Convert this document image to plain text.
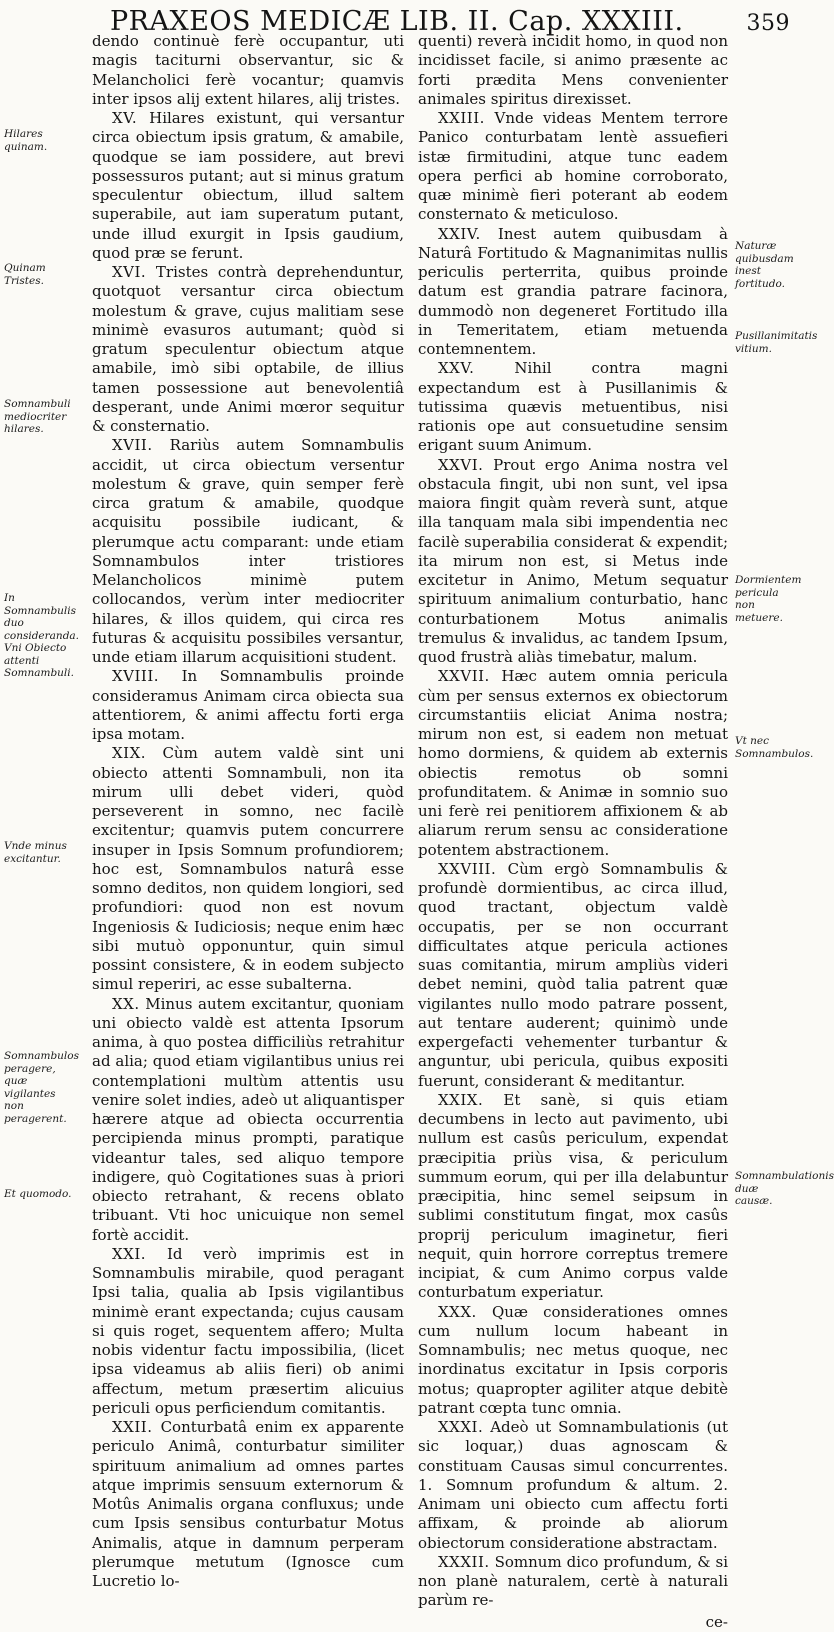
PRAXEOS MEDICÆ LIB. II. Cap. XXXIII.	359

dendo continuè ferè occupantur, uti magis taciturni observantur, sic & Melancholici ferè vocantur; quamvis inter ipsos alij extent hilares, alij tristes.

XV. Hilares existunt, qui versantur circa obiectum ipsis gratum, & amabile, quodque se iam possidere, aut brevi possessuros putant; aut si minus gratum speculentur obiectum, illud saltem superabile, aut iam superatum putant, unde illud exurgit in Ipsis gaudium, quod præ se ferunt.

XVI. Tristes contrà deprehenduntur, quotquot versantur circa obiectum molestum & grave, cujus malitiam sese minimè evasuros autumant; quòd si gratum speculentur obiectum atque amabile, imò sibi optabile, de illius tamen possessione aut benevolentiâ desperant, unde Animi mœror sequitur & consternatio.

XVII. Rariùs autem Somnambulis accidit, ut circa obiectum versentur molestum & grave, quin semper ferè circa gratum & amabile, quodque acquisitu possibile iudicant, & plerumque actu comparant: unde etiam Somnambulos inter tristiores Melancholicos minimè putem collocandos, verùm inter mediocriter hilares, & illos quidem, qui circa res futuras & acquisitu possibiles versantur, unde etiam illarum acquisitioni student.

XVIII. In Somnambulis proinde consideramus Animam circa obiecta sua attentiorem, & animi affectu forti erga ipsa motam.

XIX. Cùm autem valdè sint uni obiecto attenti Somnambuli, non ita mirum ulli debet videri, quòd perseverent in somno, nec facilè excitentur; quamvis putem concurrere insuper in Ipsis Somnum profundiorem; hoc est, Somnambulos naturâ esse somno deditos, non quidem longiori, sed profundiori: quod non est novum Ingeniosis & Iudiciosis; neque enim hæc sibi mutuò opponuntur, quin simul possint consistere, & in eodem subjecto simul reperiri, ac esse subalterna.

XX. Minus autem excitantur, quoniam uni obiecto valdè est attenta Ipsorum anima, à quo postea difficiliùs retrahitur ad alia; quod etiam vigilantibus unius rei contemplationi multùm attentis usu venire solet indies, adeò ut aliquantisper hærere atque ad obiecta occurrentia percipienda minus prompti, paratique videantur tales, sed aliquo tempore indigere, quò Cogitationes suas à priori obiecto retrahant, & recens oblato tribuant. Vti hoc unicuique non semel fortè accidit.

XXI. Id verò imprimis est in Somnambulis mirabile, quod peragant Ipsi talia, qualia ab Ipsis vigilantibus minimè erant expectanda; cujus causam si quis roget, sequentem affero; Multa nobis videntur factu impossibilia, (licet ipsa videamus ab aliis fieri) ob animi affectum, metum præsertim alicuius periculi opus perficiendum comitantis.

XXII. Conturbatâ enim ex apparente periculo Animâ, conturbatur similiter spirituum animalium ad omnes partes atque imprimis sensuum externorum & Motûs Animalis organa confluxus; unde cum Ipsis sensibus conturbatur Motus Animalis, atque in damnum perperam plerumque metutum (Ignosce cum Lucretio lo-

quenti) reverà incidit homo, in quod non incidisset facile, si animo præsente ac forti prædita Mens convenienter animales spiritus direxisset.

XXIII. Vnde videas Mentem terrore Panico conturbatam lentè assuefieri istæ firmitudini, atque tunc eadem opera perfici ab homine corroborato, quæ minimè fieri poterant ab eodem consternato & meticuloso.

XXIV. Inest autem quibusdam à Naturâ Fortitudo & Magnanimitas nullis periculis perterrita, quibus proinde datum est grandia patrare facinora, dummodò non degeneret Fortitudo illa in Temeritatem, etiam metuenda contemnentem.

XXV.	Nihil contra magni expectandum est à Pusillanimis & tutissima quævis metuentibus, nisi rationis ope aut consuetudine sensim erigant suum Animum.

XXVI. Prout ergo Anima nostra vel obstacula fingit, ubi non sunt, vel ipsa maiora fingit quàm reverà sunt, atque illa tanquam mala sibi impendentia nec facilè superabilia considerat & expendit; ita mirum non est, si Metus inde excitetur in Animo, Metum sequatur spirituum animalium conturbatio, hanc conturbationem Motus animalis tremulus & invalidus, ac tandem Ipsum, quod frustrà aliàs timebatur, malum.

XXVII. Hæc autem omnia pericula cùm per sensus externos ex obiectorum circumstantiis eliciat Anima nostra; mirum non est, si eadem non metuat homo dormiens, & quidem ab externis obiectis remotus ob somni profunditatem. & Animæ in somnio suo uni ferè rei penitiorem affixionem & ab aliarum rerum sensu ac consideratione potentem abstractionem.

XXVIII. Cùm ergò Somnambulis & profundè dormientibus, ac circa illud, quod tractant, objectum valdè occupatis, per se non occurrant difficultates atque pericula actiones suas comitantia, mirum ampliùs videri debet nemini, quòd talia patrent quæ vigilantes nullo modo patrare possent, aut tentare auderent; quinimò unde expergefacti vehementer turbantur & anguntur, ubi pericula, quibus expositi fuerunt, considerant & meditantur.

XXIX. Et sanè, si quis etiam decumbens in lecto aut pavimento, ubi nullum est casûs periculum, expendat præcipitia priùs visa, & periculum summum eorum, qui per illa delabuntur præcipitia, hinc semel seipsum in sublimi constitutum fingat, mox casûs proprij periculum imaginetur, fieri nequit, quin horrore correptus tremere incipiat, & cum Animo corpus valde conturbatum experiatur.

XXX. Quæ considerationes omnes cum nullum locum habeant in Somnambulis; nec metus quoque, nec inordinatus excitatur in Ipsis corporis motus; quapropter agiliter atque debitè patrant cœpta tunc omnia.

XXXI. Adeò ut Somnambulationis (ut sic loquar,) duas agnoscam & constituam Causas simul concurrentes. 1. Somnum profundum & altum. 2. Animam uni obiecto cum affectu forti affixam, & proinde ab aliorum obiectorum considerationе abstractam.

XXXII. Somnum dico profundum, & si non planè naturalem, certè à naturali parùm re-

ce-

Hilares quinam.
Quinam Tristes.
Somnambuli mediocriter hilares.
In Somnambulis duo consideranda. Vni Obiecto attenti Somnambuli.
Vnde minus excitantur.
Somnambulos peragere, quæ vigilantes non peragerent.
Et quomodo.
Naturæ quibusdam inest fortitudo.
Pusillanimitatis vitium.
Dormientem pericula non metuere.
Vt nec Somnambulos.
Somnambulationis duæ causæ.
